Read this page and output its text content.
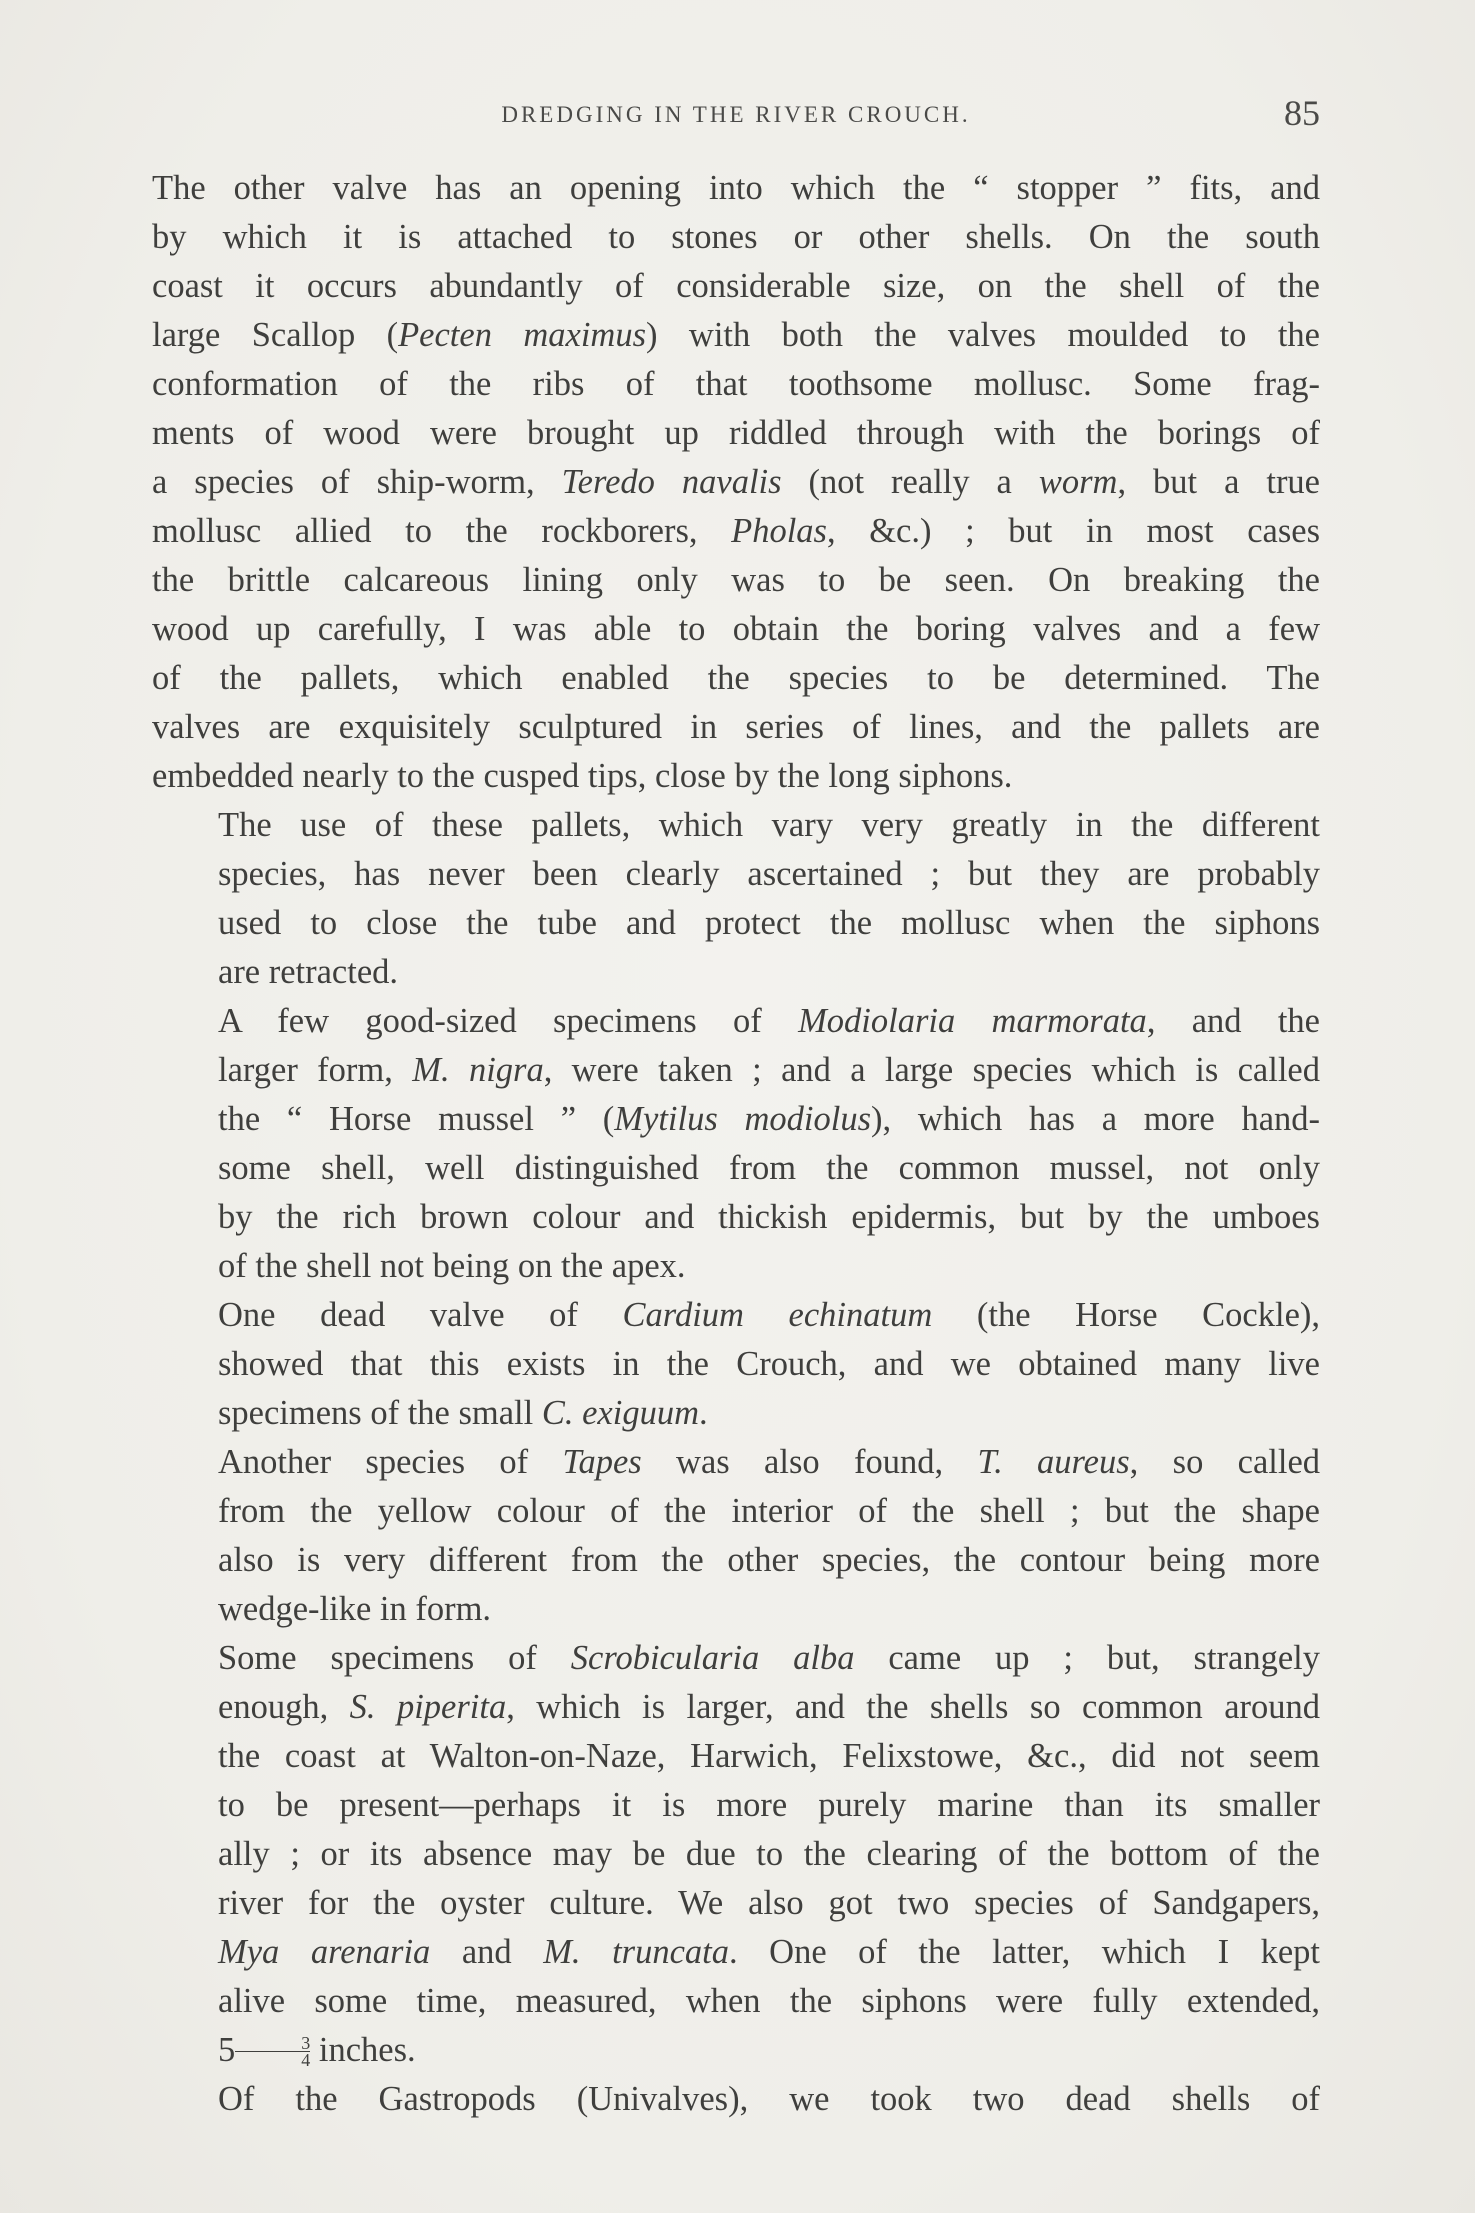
DREDGING IN THE RIVER CROUCH.	85
The other valve has an opening into which the “ stopper ” fits, and
by which it is attached to stones or other shells. On the south
coast it occurs abundantly of considerable size, on the shell of the
large Scallop (Pecten maximus) with both the valves moulded to the
conformation of the ribs of that toothsome mollusc. Some frag-
ments of wood were brought up riddled through with the borings of
a species of ship-worm, Teredo navalis (not really a worm, but a true
mollusc allied to the rockborers, Pholas, &c.) ; but in most cases
the brittle calcareous lining only was to be seen. On breaking the
wood up carefully, I was able to obtain the boring valves and a few
of the pallets, which enabled the species to be determined. The
valves are exquisitely sculptured in series of lines, and the pallets are
embedded nearly to the cusped tips, close by the long siphons.
The use of these pallets, which vary very greatly in the different
species, has never been clearly ascertained ; but they are probably
used to close the tube and protect the mollusc when the siphons
are retracted.
A few good-sized specimens of Modiolaria marmorata, and the
larger form, M. nigra, were taken ; and a large species which is called
the “ Horse mussel ” (Mytilus modiolus), which has a more hand-
some shell, well distinguished from the common mussel, not only
by the rich brown colour and thickish epidermis, but by the umboes
of the shell not being on the apex.
One dead valve of Cardium echinatum (the Horse Cockle),
showed that this exists in the Crouch, and we obtained many live
specimens of the small C. exiguum.
Another species of Tapes was also found, T. aureus, so called
from the yellow colour of the interior of the shell ; but the shape
also is very different from the other species, the contour being more
wedge-like in form.
Some specimens of Scrobicularia alba came up ; but, strangely
enough, S. piperita, which is larger, and the shells so common around
the coast at Walton-on-Naze, Harwich, Felixstowe, &c., did not seem
to be present—perhaps it is more purely marine than its smaller
ally ; or its absence may be due to the clearing of the bottom of the
river for the oyster culture. We also got two species of Sandgapers,
Mya arenaria and M. truncata. One of the latter, which I kept
alive some time, measured, when the siphons were fully extended,
$5 \frac{3}{4}$ inches.
Of the Gastropods (Univalves), we took two dead shells of
